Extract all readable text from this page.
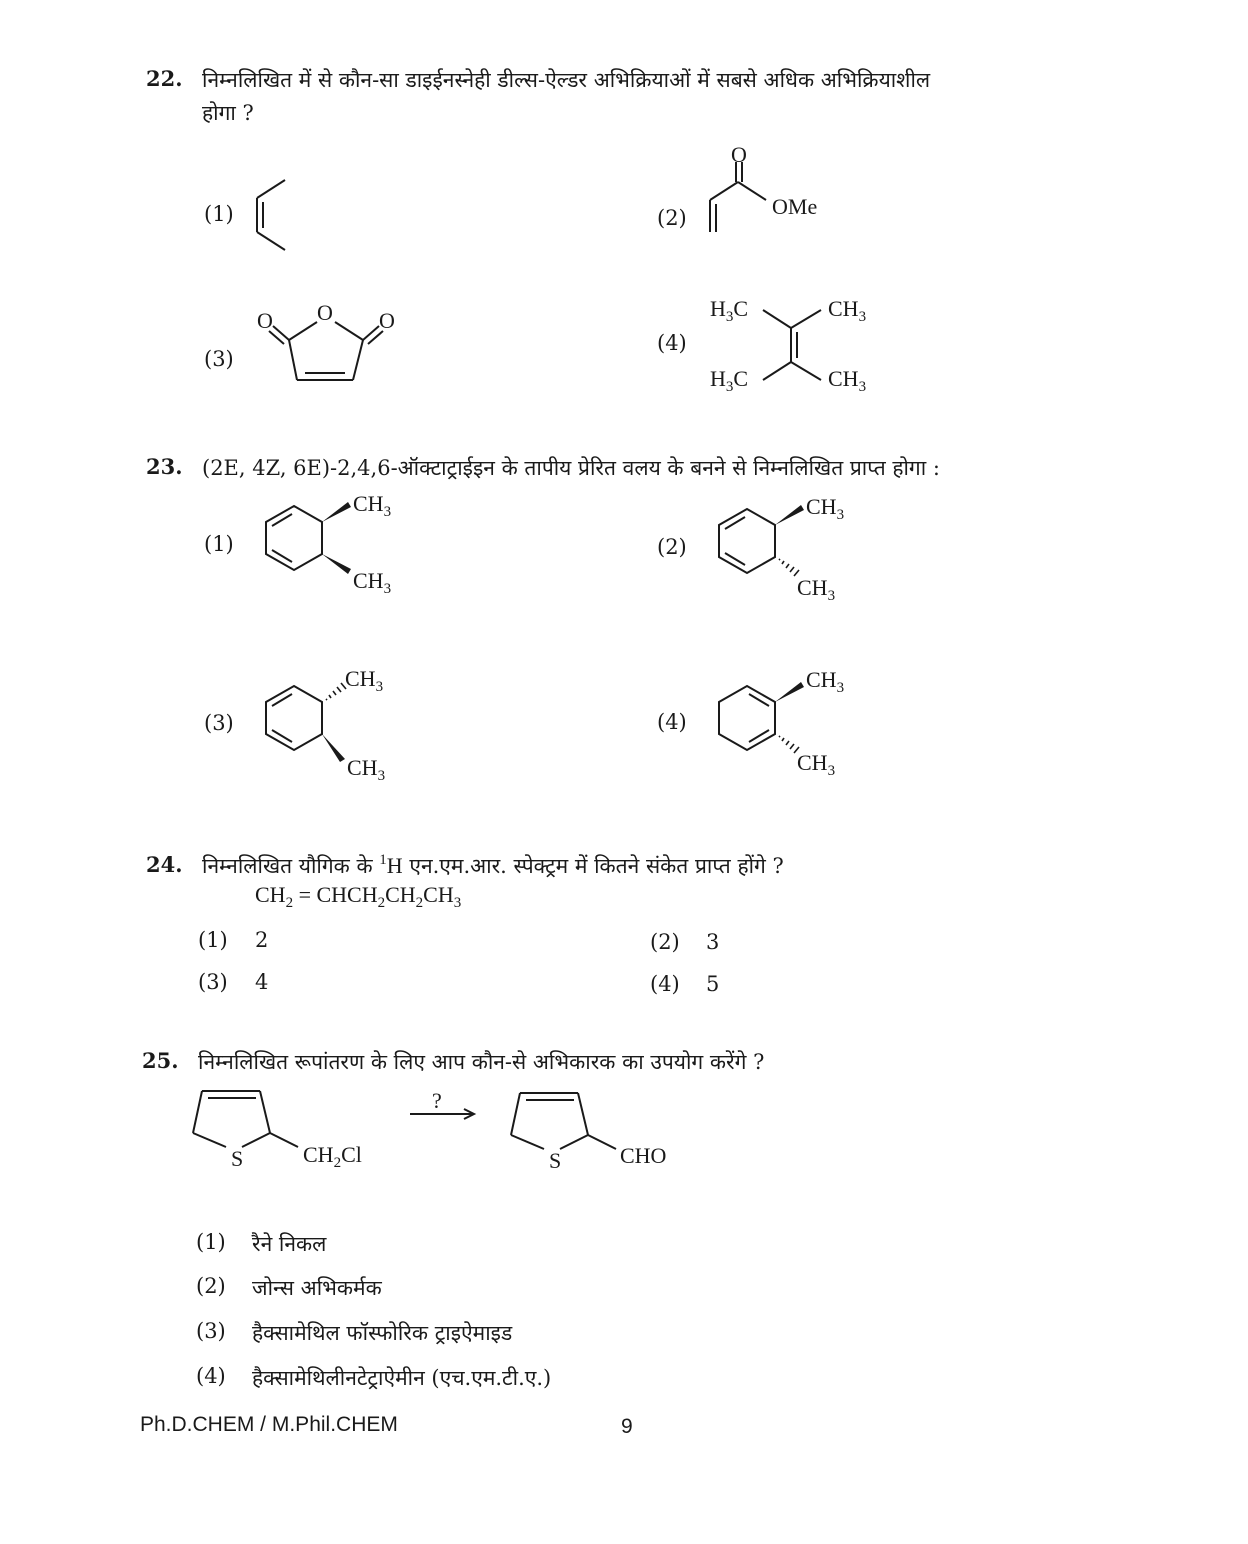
22. निम्नलिखित में से कौन-सा डाइईनस्नेही डील्स-ऐल्डर अभिक्रियाओं में सबसे अधिक अभिक्रियाशील
होगा ?
(1)	(2)
O
OMe
(3)
O
O	O
(4)
$H_3C$	$CH_3$
$H_3C$	$CH_3$
23. (2E, 4Z, 6E)-2,4,6-ऑक्टाट्राईइन के तापीय प्रेरित वलय के बनने से निम्नलिखित प्राप्त होगा :
(1)
$CH_3$
$CH_3$
(2)
$CH_3$
$CH_3$
(3)
$CH_3$
$CH_3$
(4)
$CH_3$
$CH_3$
24. निम्नलिखित यौगिक के $^1$H एन.एम.आर. स्पेक्ट्रम में कितने संकेत प्राप्त होंगे ?
$CH_2$ = $CHCH_2CH_2CH_3$
(1) 2	(2) 3
(3) 4	(4) 5
25. निम्नलिखित रूपांतरण के लिए आप कौन-से अभिकारक का उपयोग करेंगे ?
S	$CH_2Cl$
?
S	CHO
(1) रैने निकल
(2) जोन्स अभिकर्मक
(3) हैक्सामेथिल फॉस्फोरिक ट्राइऐमाइड
(4) हैक्सामेथिलीनटेट्राऐमीन (एच.एम.टी.ए.)
Ph.D.CHEM / M.Phil.CHEM	9
